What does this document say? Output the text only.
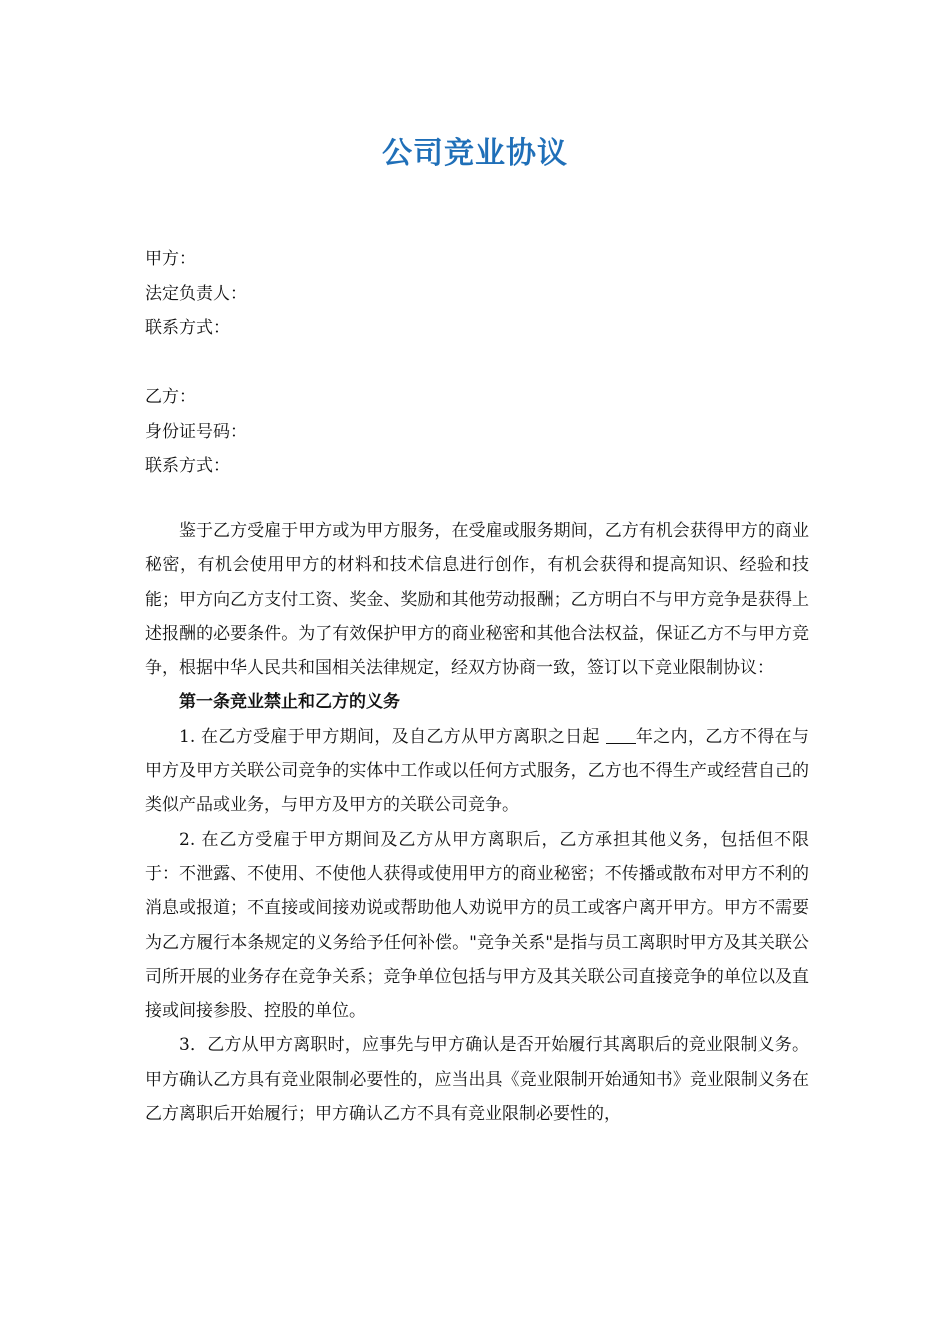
公司竞业协议
甲方：
法定负责人：
联系方式：
乙方：
身份证号码：
联系方式：

鉴于乙方受雇于甲方或为甲方服务，在受雇或服务期间，乙方有机会获得甲方的商业秘密，有机会使用甲方的材料和技术信息进行创作，有机会获得和提高知识、经验和技能；甲方向乙方支付工资、奖金、奖励和其他劳动报酬；乙方明白不与甲方竞争是获得上述报酬的必要条件。为了有效保护甲方的商业秘密和其他合法权益，保证乙方不与甲方竞争，根据中华人民共和国相关法律规定，经双方协商一致，签订以下竞业限制协议：

第一条竞业禁止和乙方的义务

1. 在乙方受雇于甲方期间，及自乙方从甲方离职之日起 年之内，乙方不得在与甲方及甲方关联公司竞争的实体中工作或以任何方式服务，乙方也不得生产或经营自己的类似产品或业务，与甲方及甲方的关联公司竞争。

2. 在乙方受雇于甲方期间及乙方从甲方离职后，乙方承担其他义务，包括但不限于：不泄露、不使用、不使他人获得或使用甲方的商业秘密；不传播或散布对甲方不利的消息或报道；不直接或间接劝说或帮助他人劝说甲方的员工或客户离开甲方。甲方不需要为乙方履行本条规定的义务给予任何补偿。"竞争关系"是指与员工离职时甲方及其关联公司所开展的业务存在竞争关系；竞争单位包括与甲方及其关联公司直接竞争的单位以及直接或间接参股、控股的单位。

3．乙方从甲方离职时，应事先与甲方确认是否开始履行其离职后的竞业限制义务。甲方确认乙方具有竞业限制必要性的，应当出具《竞业限制开始通知书》竞业限制义务在乙方离职后开始履行；甲方确认乙方不具有竞业限制必要性的，
